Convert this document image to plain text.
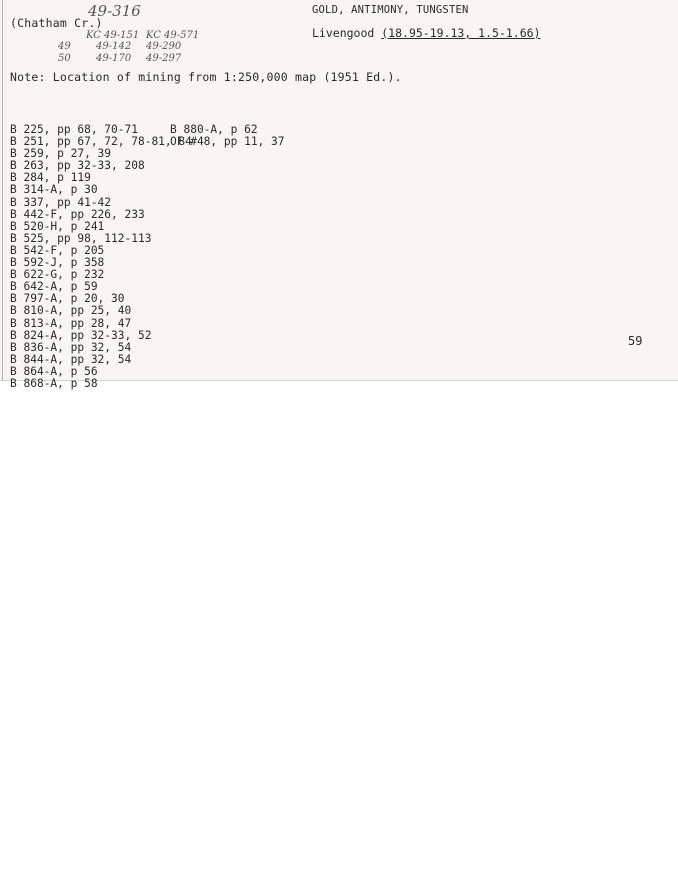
(Chatham Cr.)
49-316
KC 49-151 KC 49-571
49	49-142 49-290
50	49-170 49-297
GOLD, ANTIMONY, TUNGSTEN
Livengood (18.95-19.13, 1.5-1.66)
Note: Location of mining from 1:250,000 map (1951 Ed.).
B 225, pp 68, 70-71
B 251, pp 67, 72, 78-81, 84
B 259, p 27, 39
B 263, pp 32-33, 208
B 284, p 119
B 314-A, p 30
B 337, pp 41-42
B 442-F, pp 226, 233
B 520-H, p 241
B 525, pp 98, 112-113
B 542-F, p 205
B 592-J, p 358
B 622-G, p 232
B 642-A, p 59
B 797-A, p 20, 30
B 810-A, pp 25, 40
B 813-A, pp 28, 47
B 824-A, pp 32-33, 52
B 836-A, pp 32, 54
B 844-A, pp 32, 54
B 864-A, p 56
B 868-A, p 58
B 880-A, p 62
OF #48, pp 11, 37
59
